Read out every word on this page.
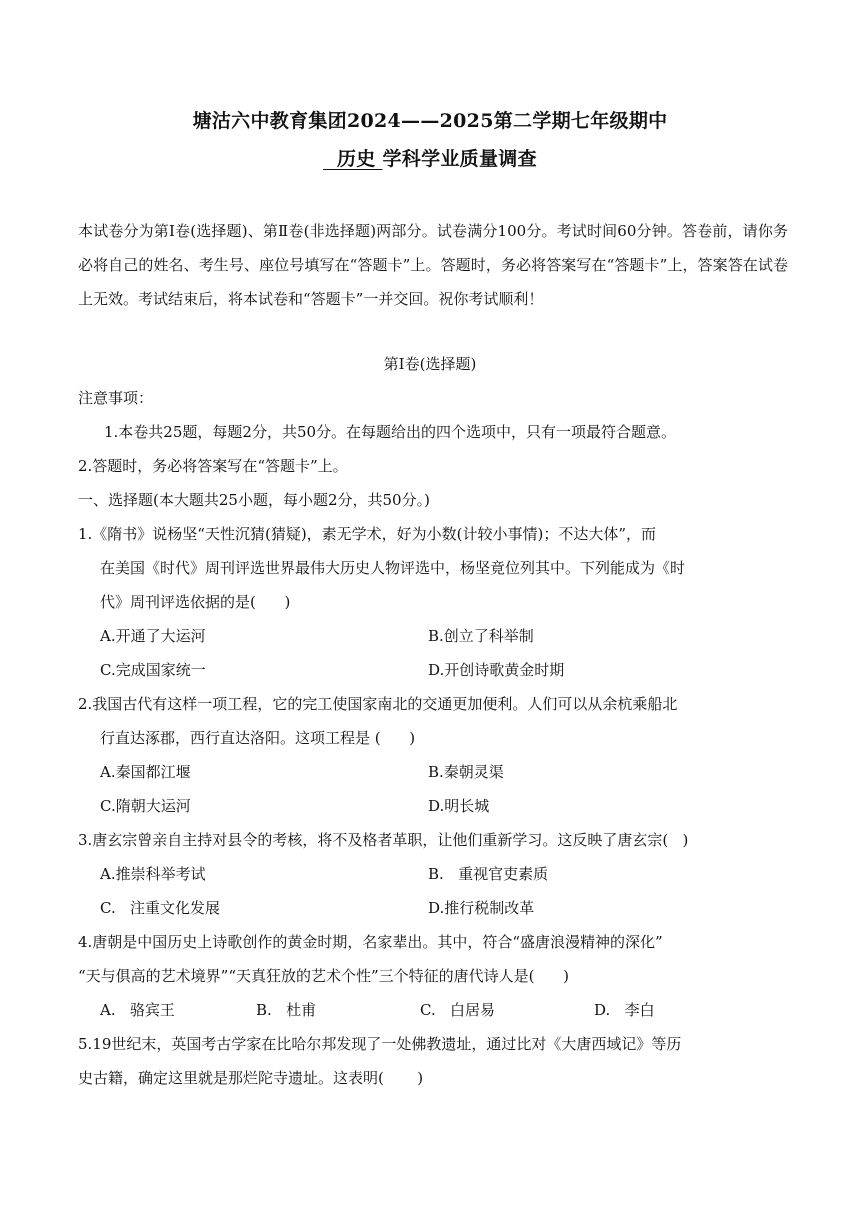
塘沽六中教育集团2024——2025第二学期七年级期中
历史 学科学业质量调查
本试卷分为第Ⅰ卷(选择题)、第Ⅱ卷(非选择题)两部分。试卷满分100分。考试时间60分钟。答卷前，请你务必将自己的姓名、考生号、座位号填写在“答题卡”上。答题时，务必将答案写在“答题卡”上，答案答在试卷上无效。考试结束后，将本试卷和“答题卡”一并交回。祝你考试顺利！
第Ⅰ卷(选择题)
注意事项：
1.本卷共25题，每题2分，共50分。在每题给出的四个选项中，只有一项最符合题意。
2.答题时，务必将答案写在“答题卡”上。
一、选择题(本大题共25小题，每小题2分，共50分。)
1.《隋书》说杨坚“天性沉猜(猜疑)，素无学术，好为小数(计较小事情)；不达大体”，而
在美国《时代》周刊评选世界最伟大历史人物评选中，杨坚竟位列其中。下列能成为《时
代》周刊评选依据的是(      )
A.开通了大运河	B.创立了科举制
C.完成国家统一	D.开创诗歌黄金时期
2.我国古代有这样一项工程，它的完工使国家南北的交通更加便利。人们可以从余杭乘船北
行直达涿郡，西行直达洛阳。这项工程是 (      )
A.秦国都江堰	B.秦朝灵渠
C.隋朝大运河	D.明长城
3.唐玄宗曾亲自主持对县令的考核，将不及格者革职，让他们重新学习。这反映了唐玄宗(   )
A.推崇科举考试	B.   重视官吏素质
C.   注重文化发展	D.推行税制改革
4.唐朝是中国历史上诗歌创作的黄金时期，名家辈出。其中，符合“盛唐浪漫精神的深化”
“天与俱高的艺术境界”“天真狂放的艺术个性”三个特征的唐代诗人是(      )
A.   骆宾王	B.   杜甫	C.   白居易	D.   李白
5.19世纪末，英国考古学家在比哈尔邦发现了一处佛教遗址，通过比对《大唐西域记》等历
史古籍，确定这里就是那烂陀寺遗址。这表明(       )
